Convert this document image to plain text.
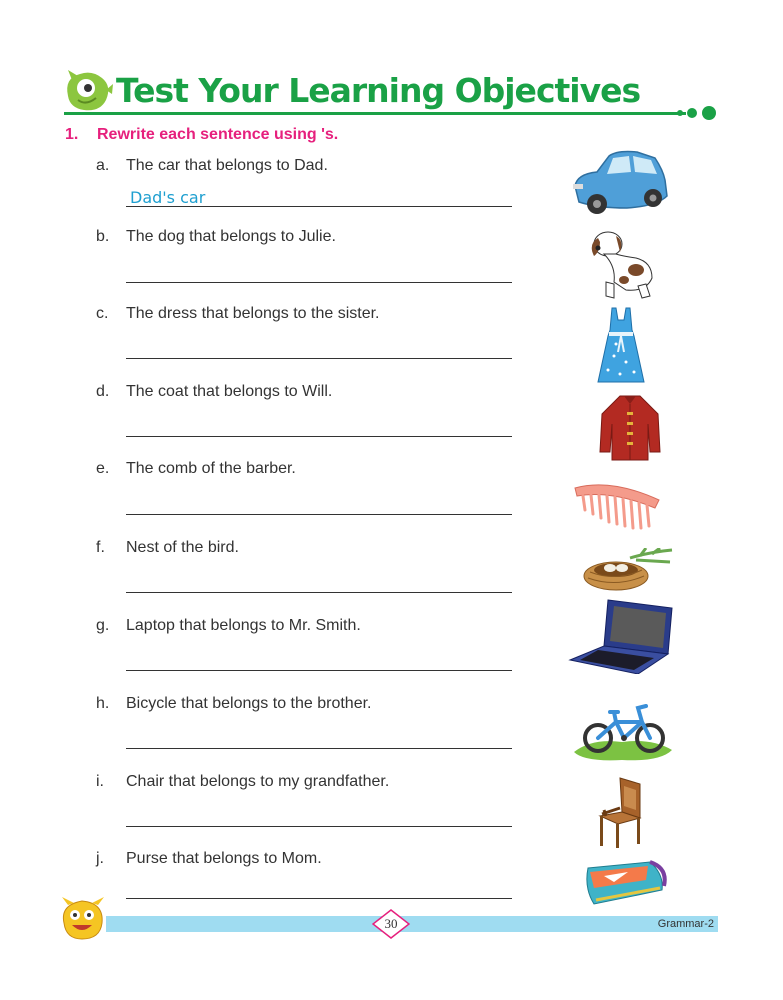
Test Your Learning Objectives
1. Rewrite each sentence using 's.
a. The car that belongs to Dad.
Dad's car
b. The dog that belongs to Julie.
c. The dress that belongs to the sister.
d. The coat that belongs to Will.
e. The comb of the barber.
f. Nest of the bird.
g. Laptop that belongs to Mr. Smith.
h. Bicycle that belongs to the brother.
i. Chair that belongs to my grandfather.
j. Purse that belongs to Mom.
30	Grammar-2
